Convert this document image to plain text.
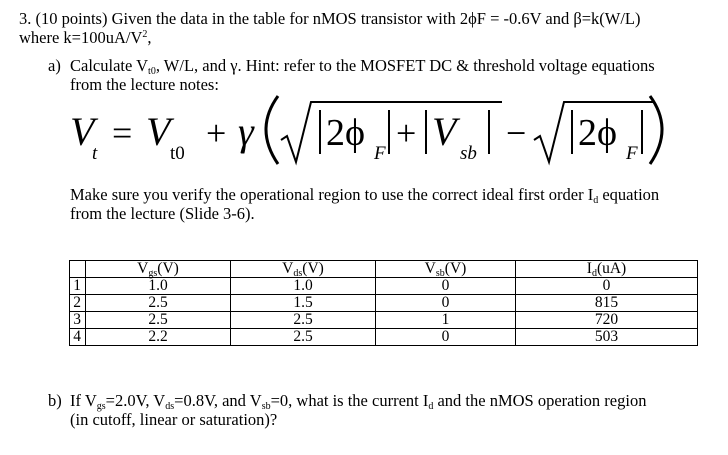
3. (10 points) Given the data in the table for nMOS transistor with 2ϕF = -0.6V and β=k(W/L)
where $k=100uA/V^2$,
a) Calculate $V_{t0}$, W/L, and γ. Hint: refer to the MOSFET DC & threshold voltage equations
from the lecture notes:
V
t
= V t0
+ γ 2ϕ F
+ V sb
− 2ϕ F
Make sure you verify the operational region to use the correct ideal first order $I_d$ equation
from the lecture (Slide 3-6).
	$V_{gs}(V)$	$V_{ds}(V)$	$V_{sb}(V)$	$I_d(uA)$
1	1.0	1.0	0	0
2	2.5	1.5	0	815
3	2.5	2.5	1	720
4	2.2	2.5	0	503
b) If $V_{gs}=2.0V$, $V_{ds}=0.8V$, and $V_{sb}=0$, what is the current $I_d$ and the nMOS operation region
(in cutoff, linear or saturation)?
